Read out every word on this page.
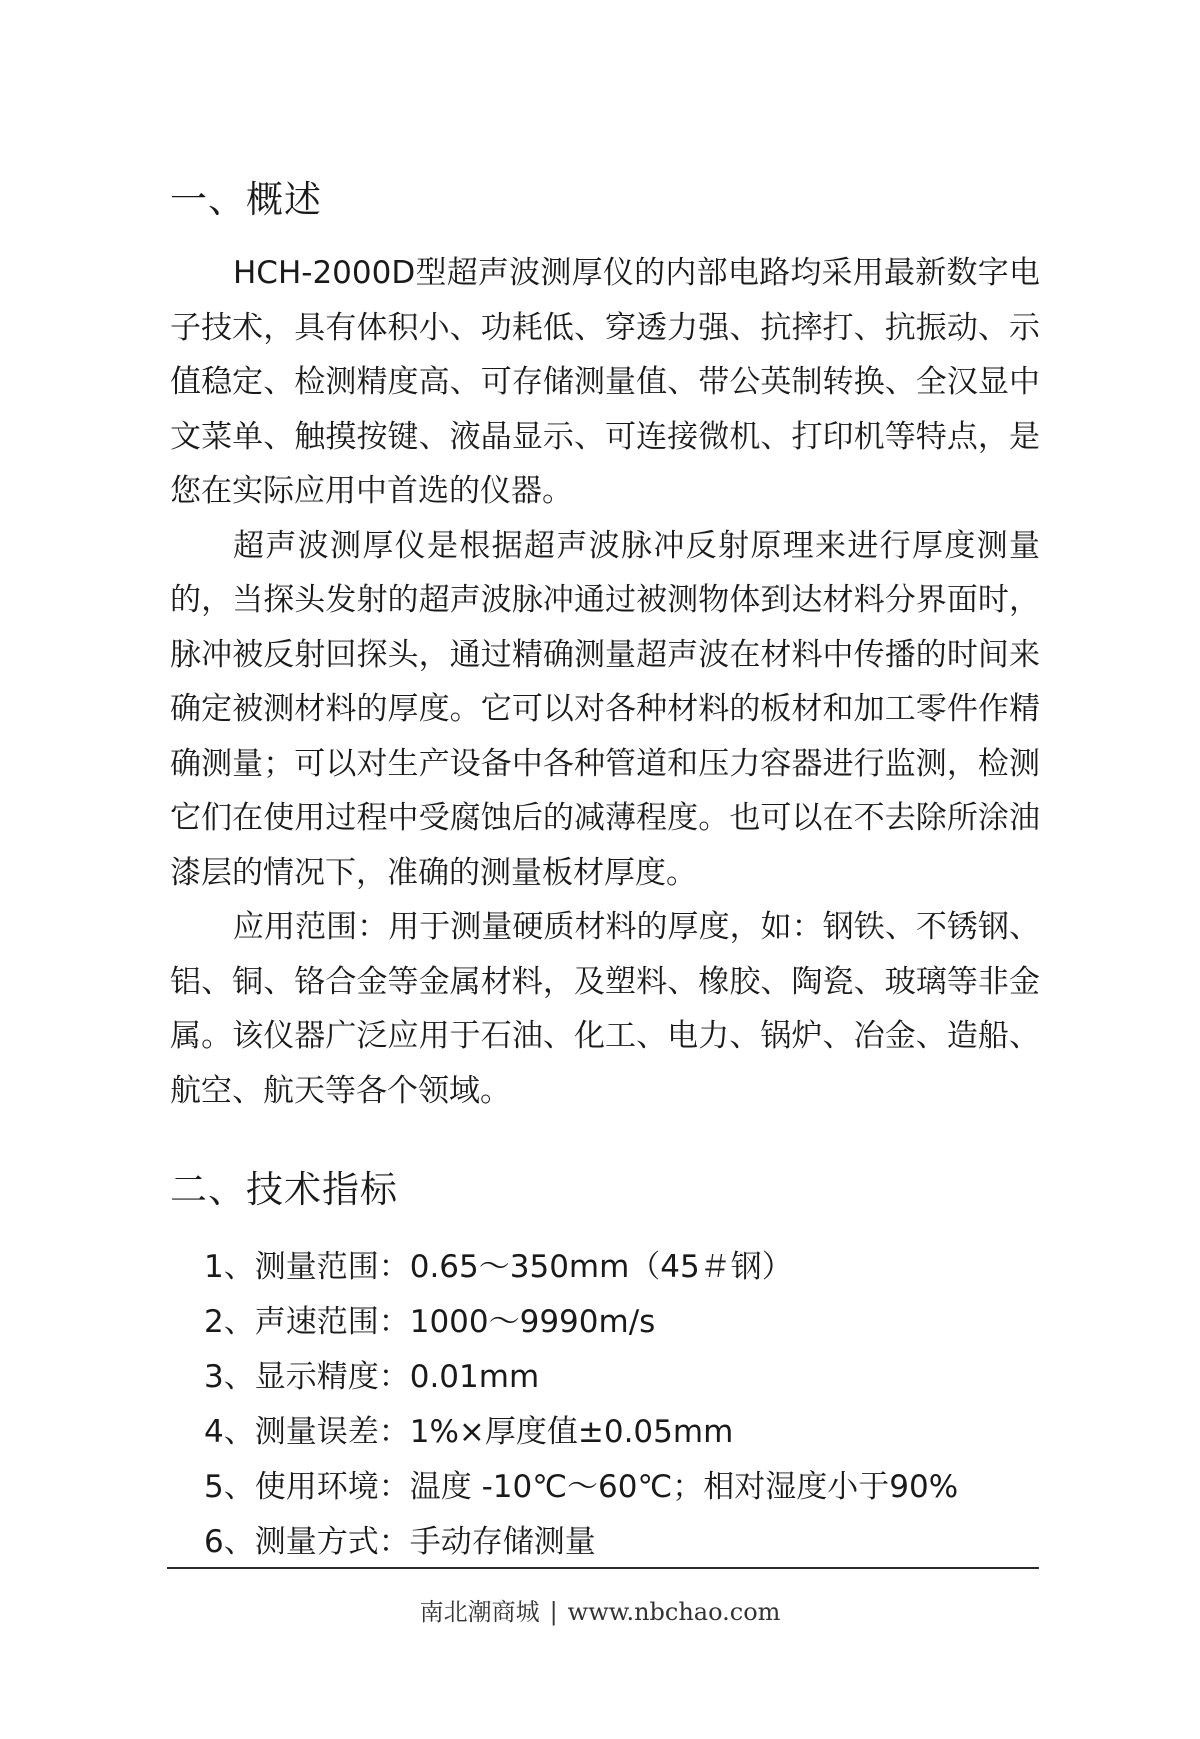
一、概述

HCH-2000D型超声波测厚仪的内部电路均采用最新数字电子技术，具有体积小、功耗低、穿透力强、抗摔打、抗振动、示值稳定、检测精度高、可存储测量值、带公英制转换、全汉显中文菜单、触摸按键、液晶显示、可连接微机、打印机等特点，是您在实际应用中首选的仪器。

超声波测厚仪是根据超声波脉冲反射原理来进行厚度测量的，当探头发射的超声波脉冲通过被测物体到达材料分界面时，脉冲被反射回探头，通过精确测量超声波在材料中传播的时间来确定被测材料的厚度。它可以对各种材料的板材和加工零件作精确测量；可以对生产设备中各种管道和压力容器进行监测，检测它们在使用过程中受腐蚀后的减薄程度。也可以在不去除所涂油漆层的情况下，准确的测量板材厚度。

应用范围：用于测量硬质材料的厚度，如：钢铁、不锈钢、铝、铜、铬合金等金属材料，及塑料、橡胶、陶瓷、玻璃等非金属。该仪器广泛应用于石油、化工、电力、锅炉、冶金、造船、航空、航天等各个领域。

二、技术指标
1、测量范围：0.65～350mm（45＃钢）
2、声速范围：1000～9990m/s
3、显示精度：0.01mm
4、测量误差：1%×厚度值±0.05mm
5、使用环境：温度 -10℃～60℃；相对湿度小于90%
6、测量方式：手动存储测量
南北潮商城 | www.nbchao.com
